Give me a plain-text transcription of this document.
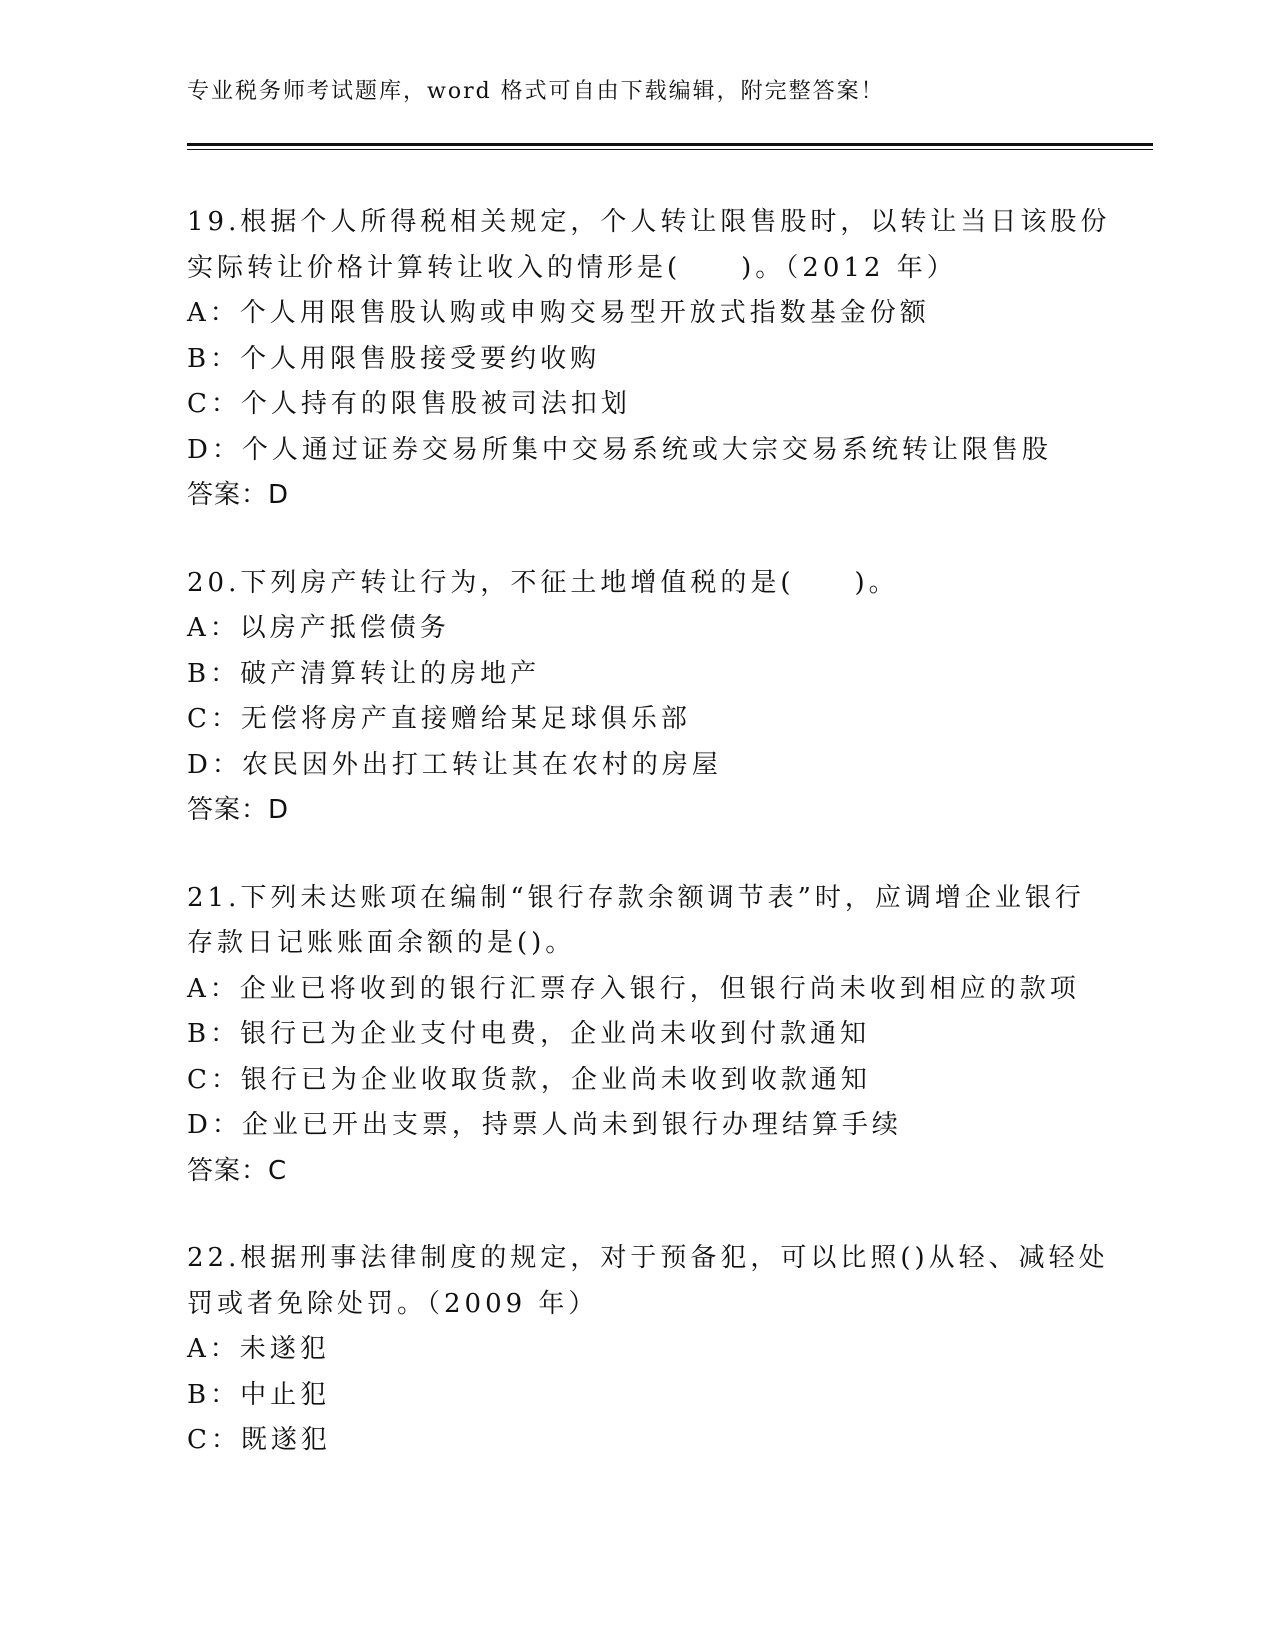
专业税务师考试题库，word 格式可自由下载编辑，附完整答案！
19.根据个人所得税相关规定，个人转让限售股时，以转让当日该股份
实际转让价格计算转让收入的情形是(　　)。（2012 年）
A：个人用限售股认购或申购交易型开放式指数基金份额
B：个人用限售股接受要约收购
C：个人持有的限售股被司法扣划
D：个人通过证券交易所集中交易系统或大宗交易系统转让限售股
答案：D
20.下列房产转让行为，不征土地增值税的是(　　)。
A：以房产抵偿债务
B：破产清算转让的房地产
C：无偿将房产直接赠给某足球俱乐部
D：农民因外出打工转让其在农村的房屋
答案：D
21.下列未达账项在编制“银行存款余额调节表”时，应调增企业银行
存款日记账账面余额的是()。
A：企业已将收到的银行汇票存入银行，但银行尚未收到相应的款项
B：银行已为企业支付电费，企业尚未收到付款通知
C：银行已为企业收取货款，企业尚未收到收款通知
D：企业已开出支票，持票人尚未到银行办理结算手续
答案：C
22.根据刑事法律制度的规定，对于预备犯，可以比照()从轻、减轻处
罚或者免除处罚。（2009 年）
A：未遂犯
B：中止犯
C：既遂犯
